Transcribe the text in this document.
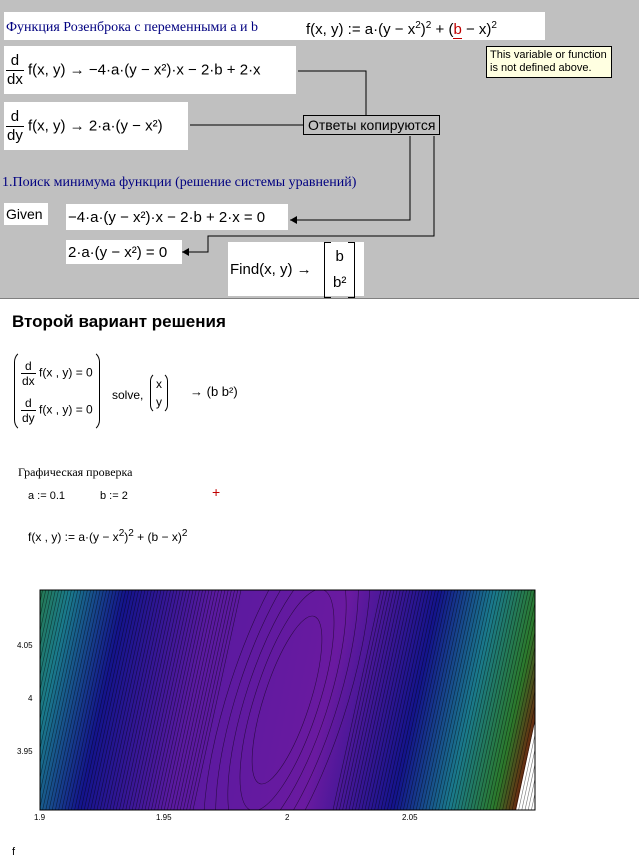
Функция Розенброка с переменными a и b	f(x, y) := $a\cdot(y - x^2)^2 + (b - x)^2$
This variable or function is not defined above.
$\frac{d}{dx} f(x$, y) → −4·a·(y − x²)·x − 2·b + 2·x
$\frac{d}{dy} f(x$, y) → 2·a·(y − x²)	Ответы копируются
1.Поиск минимума функции (решение системы уравнений)
Given −4·a·(y − x²)·x − 2·b + 2·x = 0
2·a·(y − x²) = 0
Find(x, y) →
b
b²
Второй вариант решения
$\frac{d}{dx} f(x$ , y) = 0
$\frac{d}{dy} f(x$ , y) = 0
solve,
x
y
→ (b b²)
Графическая проверка
a := 0.1	b := 2	+
f(x , y) := $a\cdot(y - x^2)^2 + (b - x)^2$
1.9	1.95	2	2.05
4.05
4
3.95
f
